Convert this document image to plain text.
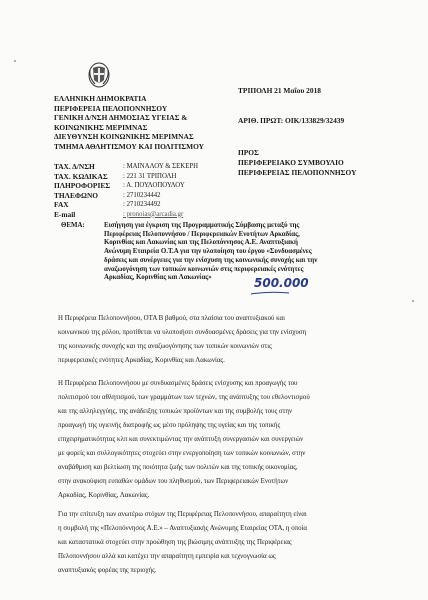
ΕΛΛΗΝΙΚΗ ΔΗΜΟΚΡΑΤΙΑ
ΠΕΡΙΦΕΡΕΙΑ ΠΕΛΟΠΟΝΝΗΣΟΥ
ΓΕΝΙΚΗ Δ/ΝΣΗ ΔΗΜΟΣΙΑΣ ΥΓΕΙΑΣ &
ΚΟΙΝΩΝΙΚΗΣ ΜΕΡΙΜΝΑΣ
ΔΙΕΥΘΥΝΣΗ ΚΟΙΝΩΝΙΚΗΣ ΜΕΡΙΜΝΑΣ
ΤΜΗΜΑ ΑΘΛΗΤΙΣΜΟΥ ΚΑΙ ΠΟΛΙΤΙΣΜΟΥ
ΤΡΙΠΟΛΗ 21 Μαΐου 2018
ΑΡΙΘ. ΠΡΩΤ: ΟΙΚ/133829/32439
ΠΡΟΣ
ΠΕΡΙΦΕΡΕΙΑΚΟ ΣΥΜΒΟΥΛΙΟ
ΠΕΡΙΦΕΡΕΙΑΣ ΠΕΛΟΠΟΝΝΗΣΟΥ
ΤΑΧ. Δ/ΝΣΗ	: ΜΑΙΝΑΛΟΥ & ΣΕΚΕΡΗ
ΤΑΧ. ΚΩΔΙΚΑΣ : 221 31 ΤΡΙΠΟΛΗ
ΠΛΗΡΟΦΟΡΙΕΣ : Α. ΠΟΥΛΟΠΟΥΛΟΥ
ΤΗΛΕΦΩΝΟ	: 2710234442
FAX	: 2710234492
E-mail	: pronoias@arcadia.gr
ΘΕΜΑ:	Εισήγηση για έγκριση της Προγραμματικής Σύμβασης μεταξύ της
Περιφέρειας Πελοποννήσου / Περιφερειακών Ενοτήτων Αρκαδίας,
Κορινθίας και Λακωνίας και της Πελοπόννησος Α.Ε. Αναπτυξιακή
Ανώνυμη Εταιρεία Ο.Τ.Α για την υλοποίηση του έργου «Συνδυασμένες
δράσεις και συνέργειες για την ενίσχυση της κοινωνικής συνοχής και την
αναζωογόνηση των τοπικών κοινωνιών στις περιφερειακές ενότητες
Αρκαδίας, Κορινθίας και Λακωνίας»	500.000
Η Περιφέρεια Πελοποννήσου, ΟΤΑ Β βαθμού, στα πλαίσια του αναπτυξιακού και
κοινωνικού της ρόλου, προτίθεται να υλοποιήσει συνδυασμένες δράσεις για την ενίσχυση
της κοινωνικής συνοχής και της αναζωογόνησης των τοπικών κοινωνιών στις
περιφερειακές ενότητες Αρκαδίας, Κορινθίας και Λακωνίας.
Η Περιφέρεια Πελοποννήσου με συνδυασμένες δράσεις ενίσχυσης και προαγωγής του
πολιτισμού του αθλητισμού, των γραμμάτων των τεχνών, της ανάπτυξης του εθελοντισμού
και της αλληλεγγύης, της ανάδειξης τοπικών προϊόντων και της συμβολής τους στην
προαγωγή της υγιεινής διατροφής ως μέσο πρόληψης της υγείας και της τοπικής
επιχειρηματικότητας κλπ και συνεκτιμώντας την ανάπτυξη συνεργασιών και συνεργειών
με φορείς και συλλογικότητες στοχεύει στην ενεργοποίηση των τοπικών κοινωνιών, στην
αναβάθμιση και βελτίωση της ποιότητα ζωής των πολιτών και της τοπικής οικονομίας,
στην ανακούφιση ευπαθών ομάδων του πληθυσμού, των Περιφερειακών Ενοτήτων
Αρκαδίας, Κορινθίας, Λακωνίας.
Για την επίτευξη των ανωτέρω στόχων της Περιφέρειας Πελοποννήσου, απαραίτητη είναι
η συμβολή της «Πελοπόννησος Α.Ε.» – Αναπτυξιακής Ανώνυμης Εταιρείας ΟΤΑ, η οποία
και καταστατικά στοχεύει στην προώθηση της βιώσιμης ανάπτυξης της Περιφέρειας
Πελοποννήσου αλλά και κατέχει την απαραίτητη εμπειρία και τεχνογνωσία ως
αναπτυξιακός φορέας της περιοχής.
